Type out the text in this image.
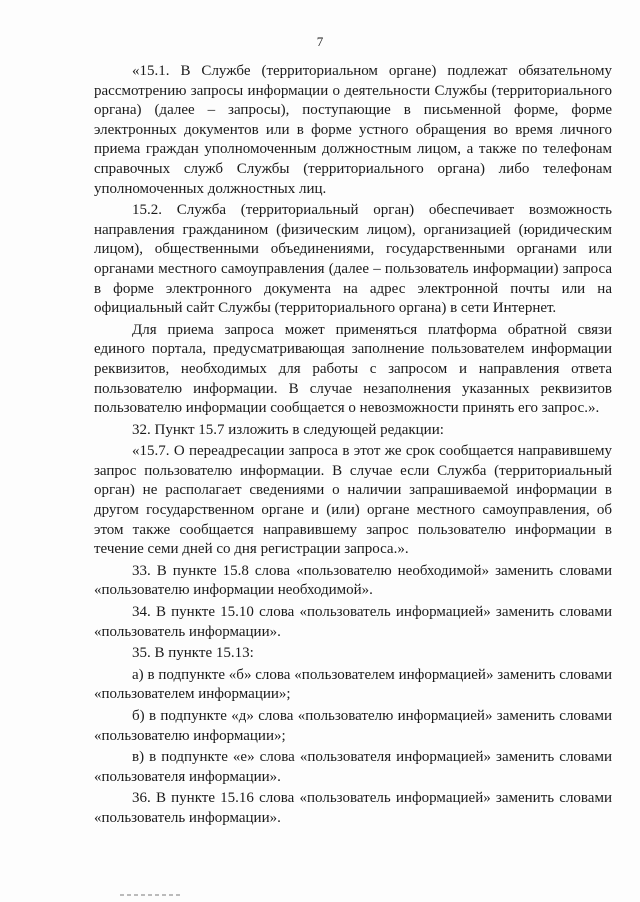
7

«15.1. В Службе (территориальном органе) подлежат обязательному рассмотрению запросы информации о деятельности Службы (территориального органа) (далее – запросы), поступающие в письменной форме, форме электронных документов или в форме устного обращения во время личного приема граждан уполномоченным должностным лицом, а также по телефонам справочных служб Службы (территориального органа) либо телефонам уполномоченных должностных лиц.

15.2. Служба (территориальный орган) обеспечивает возможность направления гражданином (физическим лицом), организацией (юридическим лицом), общественными объединениями, государственными органами или органами местного самоуправления (далее – пользователь информации) запроса в форме электронного документа на адрес электронной почты или на официальный сайт Службы (территориального органа) в сети Интернет.

Для приема запроса может применяться платформа обратной связи единого портала, предусматривающая заполнение пользователем информации реквизитов, необходимых для работы с запросом и направления ответа пользователю информации. В случае незаполнения указанных реквизитов пользователю информации сообщается о невозможности принять его запрос.».

32. Пункт 15.7 изложить в следующей редакции:

«15.7. О переадресации запроса в этот же срок сообщается направившему запрос пользователю информации. В случае если Служба (территориальный орган) не располагает сведениями о наличии запрашиваемой информации в другом государственном органе и (или) органе местного самоуправления, об этом также сообщается направившему запрос пользователю информации в течение семи дней со дня регистрации запроса.».

33. В пункте 15.8 слова «пользователю необходимой» заменить словами «пользователю информации необходимой».

34. В пункте 15.10 слова «пользователь информацией» заменить словами «пользователь информации».

35. В пункте 15.13:

а) в подпункте «б» слова «пользователем информацией» заменить словами «пользователем информации»;

б) в подпункте «д» слова «пользователю информацией» заменить словами «пользователю информации»;

в) в подпункте «е» слова «пользователя информацией» заменить словами «пользователя информации».

36. В пункте 15.16 слова «пользователь информацией» заменить словами «пользователь информации».
